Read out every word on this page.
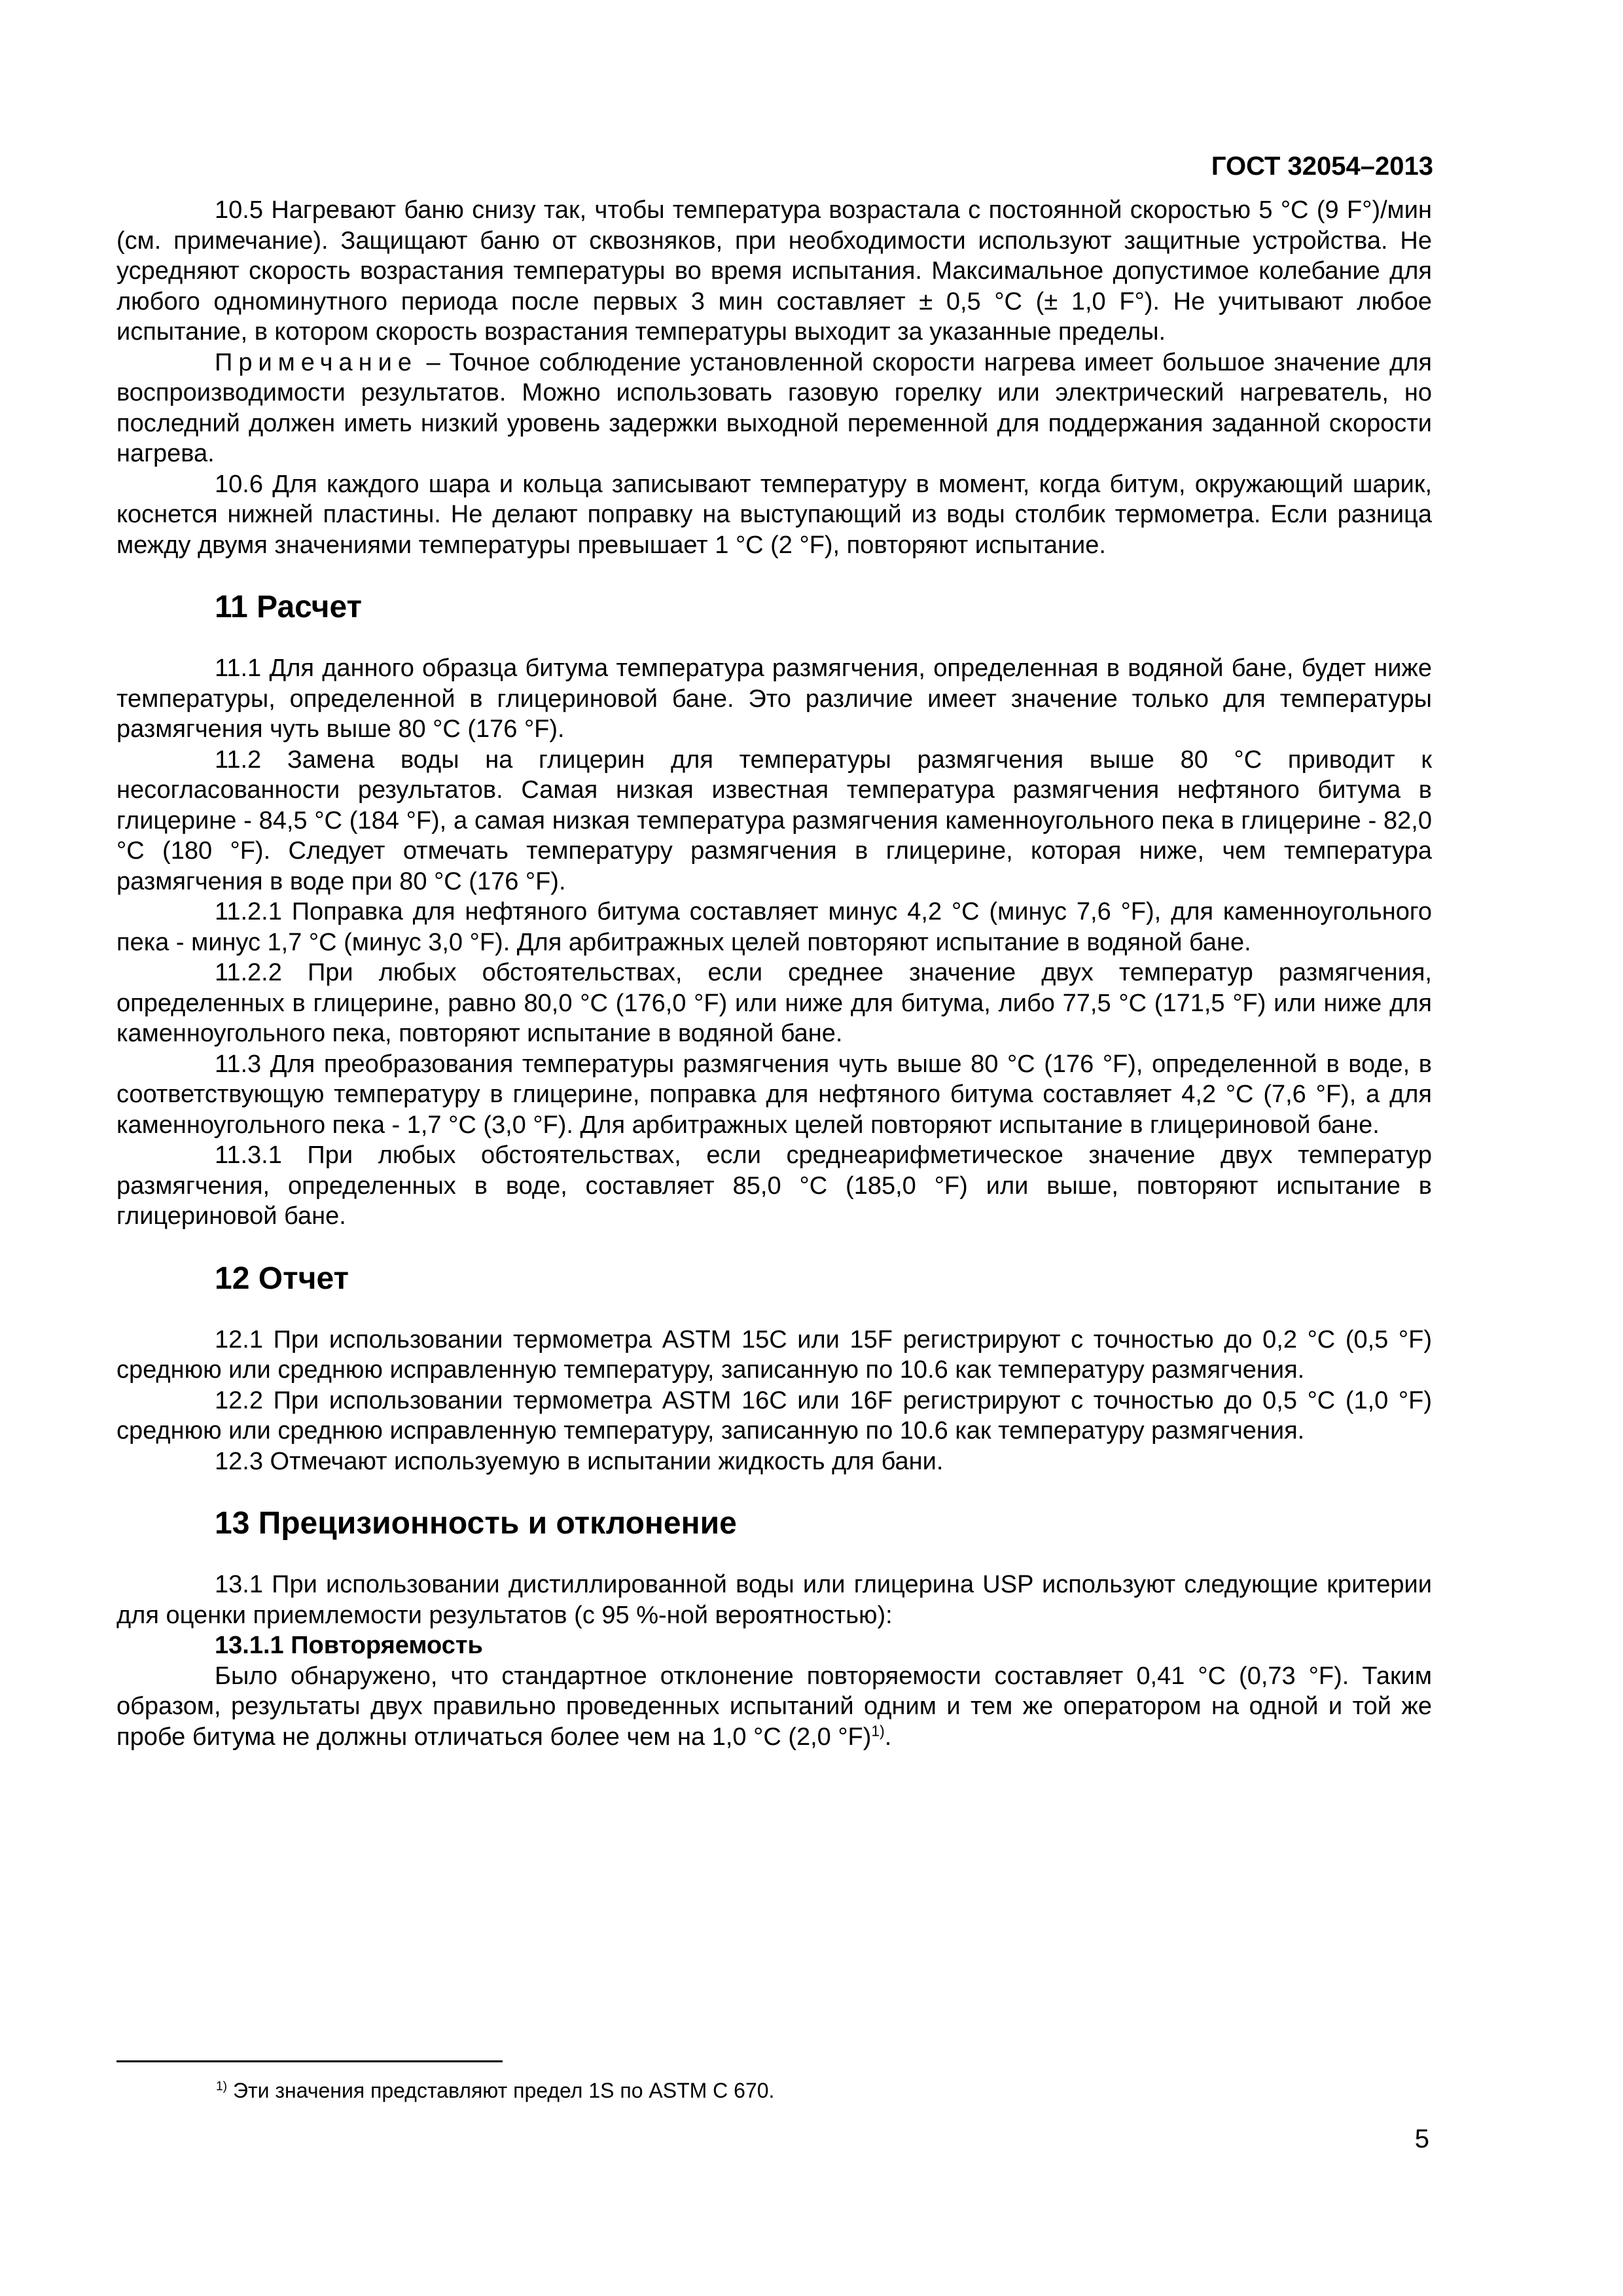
ГОСТ 32054–2013

10.5 Нагревают баню снизу так, чтобы температура возрастала с постоянной скоростью 5 °C (9 F°)/мин (см. примечание). Защищают баню от сквозняков, при необходимости используют защитные устройства. Не усредняют скорость возрастания температуры во время испытания. Максимальное допустимое колебание для любого одноминутного периода после первых 3 мин составляет ± 0,5 °C (± 1,0 F°). Не учитывают любое испытание, в котором скорость возрастания температуры выходит за указанные пределы.

Примечание – Точное соблюдение установленной скорости нагрева имеет большое значение для воспроизводимости результатов. Можно использовать газовую горелку или электрический нагреватель, но последний должен иметь низкий уровень задержки выходной переменной для поддержания заданной скорости нагрева.

10.6 Для каждого шара и кольца записывают температуру в момент, когда битум, окружающий шарик, коснется нижней пластины. Не делают поправку на выступающий из воды столбик термометра. Если разница между двумя значениями температуры превышает 1 °C (2 °F), повторяют испытание.

11 Расчет

11.1 Для данного образца битума температура размягчения, определенная в водяной бане, будет ниже температуры, определенной в глицериновой бане. Это различие имеет значение только для температуры размягчения чуть выше 80 °C (176 °F).

11.2 Замена воды на глицерин для температуры размягчения выше 80 °C приводит к несогласованности результатов. Самая низкая известная температура размягчения нефтяного битума в глицерине - 84,5 °C (184 °F), а самая низкая температура размягчения каменноугольного пека в глицерине - 82,0 °C (180 °F). Следует отмечать температуру размягчения в глицерине, которая ниже, чем температура размягчения в воде при 80 °C (176 °F).

11.2.1 Поправка для нефтяного битума составляет минус 4,2 °C (минус 7,6 °F), для каменноугольного пека - минус 1,7 °C (минус 3,0 °F). Для арбитражных целей повторяют испытание в водяной бане.

11.2.2 При любых обстоятельствах, если среднее значение двух температур размягчения, определенных в глицерине, равно 80,0 °C (176,0 °F) или ниже для битума, либо 77,5 °C (171,5 °F) или ниже для каменноугольного пека, повторяют испытание в водяной бане.

11.3 Для преобразования температуры размягчения чуть выше 80 °C (176 °F), определенной в воде, в соответствующую температуру в глицерине, поправка для нефтяного битума составляет 4,2 °C (7,6 °F), а для каменноугольного пека - 1,7 °C (3,0 °F). Для арбитражных целей повторяют испытание в глицериновой бане.

11.3.1 При любых обстоятельствах, если среднеарифметическое значение двух температур размягчения, определенных в воде, составляет 85,0 °C (185,0 °F) или выше, повторяют испытание в глицериновой бане.

12 Отчет

12.1 При использовании термометра ASTM 15C или 15F регистрируют с точностью до 0,2 °C (0,5 °F) среднюю или среднюю исправленную температуру, записанную по 10.6 как температуру размягчения.

12.2 При использовании термометра ASTM 16C или 16F регистрируют с точностью до 0,5 °C (1,0 °F) среднюю или среднюю исправленную температуру, записанную по 10.6 как температуру размягчения.

12.3 Отмечают используемую в испытании жидкость для бани.

13 Прецизионность и отклонение

13.1 При использовании дистиллированной воды или глицерина USP используют следующие критерии для оценки приемлемости результатов (с 95 %-ной вероятностью):

13.1.1 Повторяемость

Было обнаружено, что стандартное отклонение повторяемости составляет 0,41 °C (0,73 °F). Таким образом, результаты двух правильно проведенных испытаний одним и тем же оператором на одной и той же пробе битума не должны отличаться более чем на 1,0 °C (2,0 °F)$^{1)}$.

$^{1)}$ Эти значения представляют предел 1S по ASTM C 670.
5
